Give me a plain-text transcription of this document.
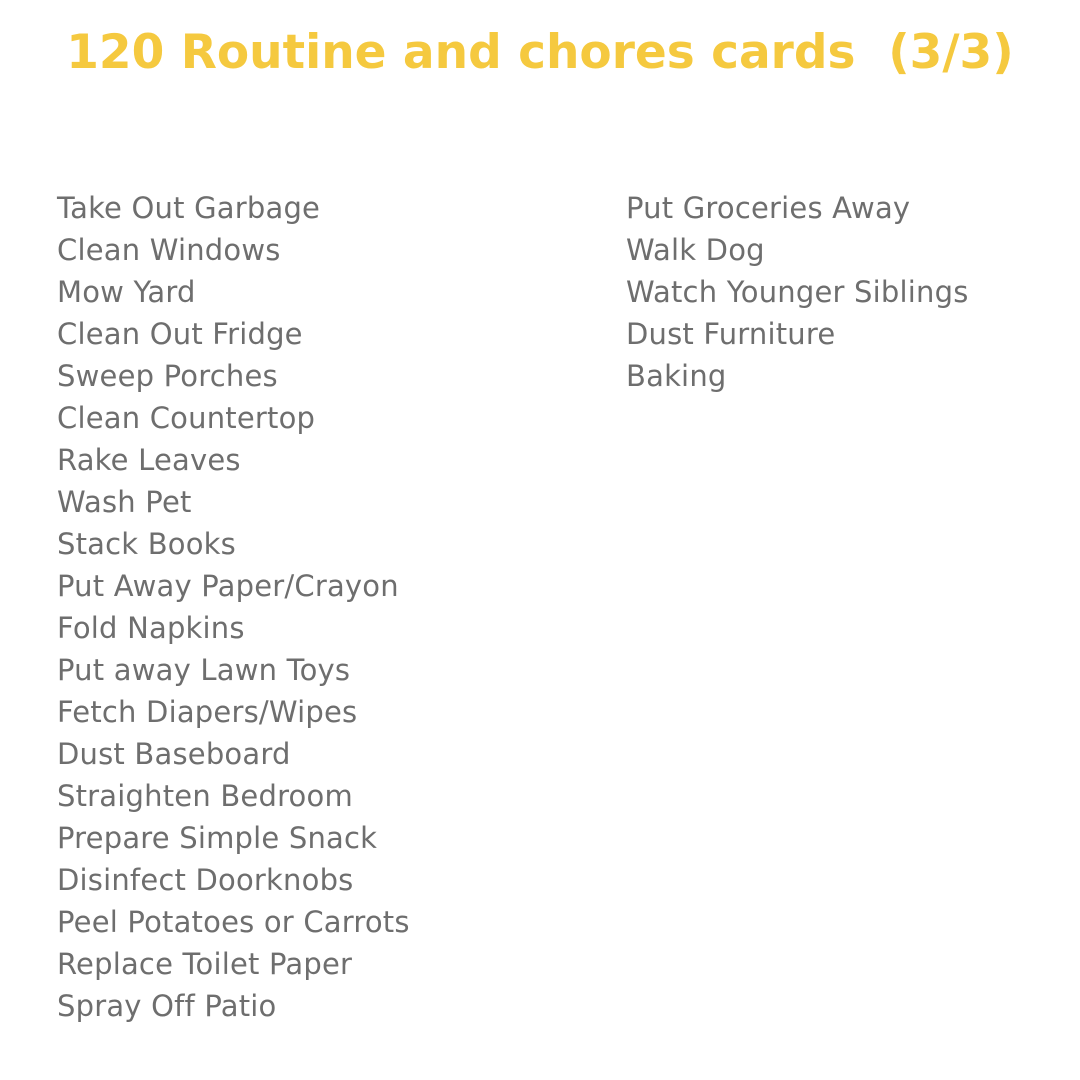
120 Routine and chores cards  (3/3)
Take Out Garbage
Clean Windows
Mow Yard
Clean Out Fridge
Sweep Porches
Clean Countertop
Rake Leaves
Wash Pet
Stack Books
Put Away Paper/Crayon
Fold Napkins
Put away Lawn Toys
Fetch Diapers/Wipes
Dust Baseboard
Straighten Bedroom
Prepare Simple Snack
Disinfect Doorknobs
Peel Potatoes or Carrots
Replace Toilet Paper
Spray Off Patio
Put Groceries Away
Walk Dog
Watch Younger Siblings
Dust Furniture
Baking
